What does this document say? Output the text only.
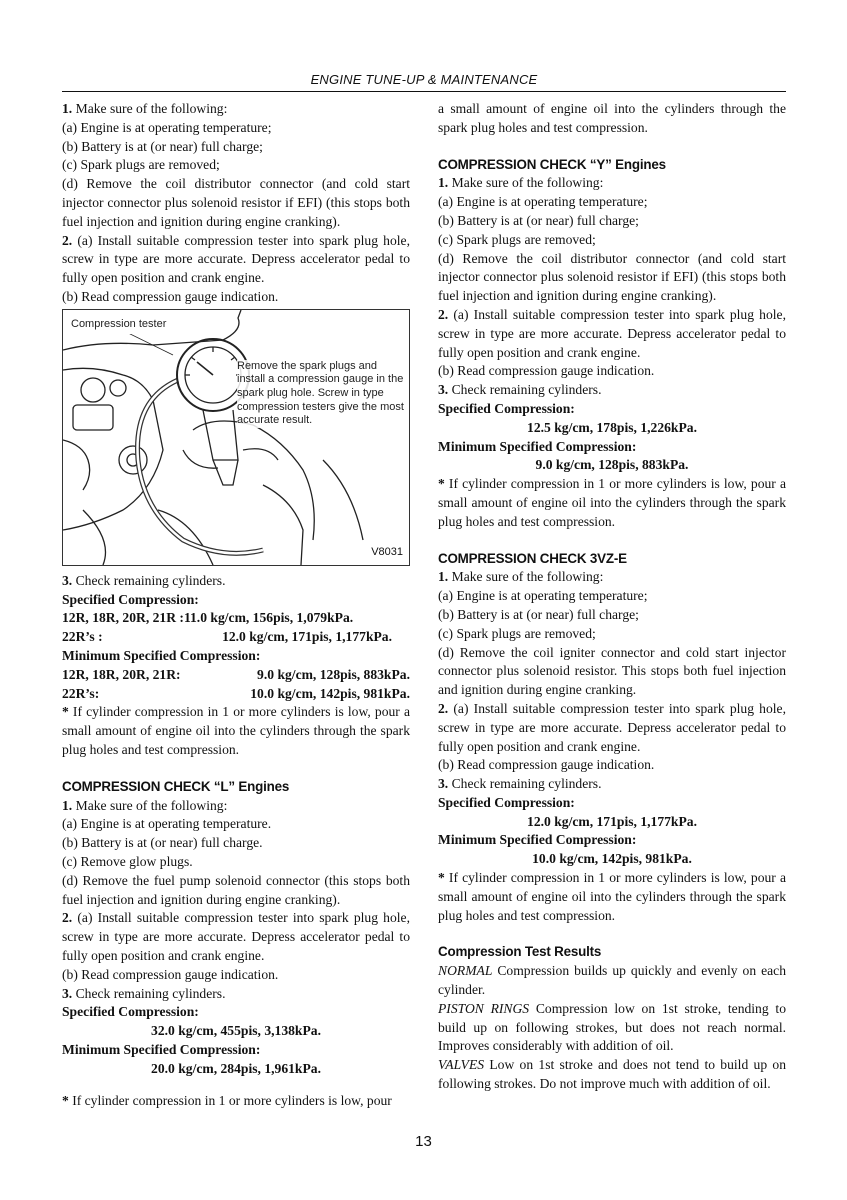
ENGINE TUNE-UP & MAINTENANCE

1. Make sure of the following:

(a) Engine is at operating temperature;

(b) Battery is at (or near) full charge;

(c) Spark plugs are removed;

(d) Remove the coil distributor connector (and cold start injector connector plus solenoid resistor if EFI) (this stops both fuel injection and ignition during engine cranking).

2. (a) Install suitable compression tester into spark plug hole, screw in type are more accurate. Depress accelerator pedal to fully open position and crank engine.

(b) Read compression gauge indication.

Compression tester
Remove the spark plugs and install a compression gauge in the spark plug hole. Screw in type compression testers give the most accurate result.
V8031

3. Check remaining cylinders.

Specified Compression:

12R, 18R, 20R, 21R :11.0 kg/cm, 156pis, 1,079kPa.
22R’s :	12.0 kg/cm, 171pis, 1,177kPa.

Minimum Specified Compression:

12R, 18R, 20R, 21R:	9.0 kg/cm, 128pis, 883kPa.
22R’s:	10.0 kg/cm, 142pis, 981kPa.

* If cylinder compression in 1 or more cylinders is low, pour a small amount of engine oil into the cylinders through the spark plug holes and test compression.

COMPRESSION CHECK “L” Engines

1. Make sure of the following:

(a) Engine is at operating temperature.

(b) Battery is at (or near) full charge.

(c) Remove glow plugs.

(d) Remove the fuel pump solenoid connector (this stops both fuel injection and ignition during engine cranking).

2. (a) Install suitable compression tester into spark plug hole, screw in type are more accurate. Depress accelerator pedal to fully open position and crank engine.

(b) Read compression gauge indication.

3. Check remaining cylinders.

Specified Compression:

32.0 kg/cm, 455pis, 3,138kPa.

Minimum Specified Compression:

20.0 kg/cm, 284pis, 1,961kPa.

* If cylinder compression in 1 or more cylinders is low, pour

a small amount of engine oil into the cylinders through the spark plug holes and test compression.

COMPRESSION CHECK “Y” Engines

1. Make sure of the following:

(a) Engine is at operating temperature;

(b) Battery is at (or near) full charge;

(c) Spark plugs are removed;

(d) Remove the coil distributor connector (and cold start injector connector plus solenoid resistor if EFI) (this stops both fuel injection and ignition during engine cranking).

2. (a) Install suitable compression tester into spark plug hole, screw in type are more accurate. Depress accelerator pedal to fully open position and crank engine.

(b) Read compression gauge indication.

3. Check remaining cylinders.

Specified Compression:

12.5 kg/cm, 178pis, 1,226kPa.

Minimum Specified Compression:

9.0 kg/cm, 128pis, 883kPa.

* If cylinder compression in 1 or more cylinders is low, pour a small amount of engine oil into the cylinders through the spark plug holes and test compression.

COMPRESSION CHECK 3VZ-E

1. Make sure of the following:

(a) Engine is at operating temperature;

(b) Battery is at (or near) full charge;

(c) Spark plugs are removed;

(d) Remove the coil igniter connector and cold start injector connector plus solenoid resistor. This stops both fuel injection and ignition during engine cranking.

2. (a) Install suitable compression tester into spark plug hole, screw in type are more accurate. Depress accelerator pedal to fully open position and crank engine.

(b) Read compression gauge indication.

3. Check remaining cylinders.

Specified Compression:

12.0 kg/cm, 171pis, 1,177kPa.

Minimum Specified Compression:

10.0 kg/cm, 142pis, 981kPa.

* If cylinder compression in 1 or more cylinders is low, pour a small amount of engine oil into the cylinders through the spark plug holes and test compression.

Compression Test Results

NORMAL Compression builds up quickly and evenly on each cylinder.

PISTON RINGS Compression low on 1st stroke, tending to build up on following strokes, but does not reach normal. Improves considerably with addition of oil.

VALVES Low on 1st stroke and does not tend to build up on following strokes. Do not improve much with addition of oil.

13
